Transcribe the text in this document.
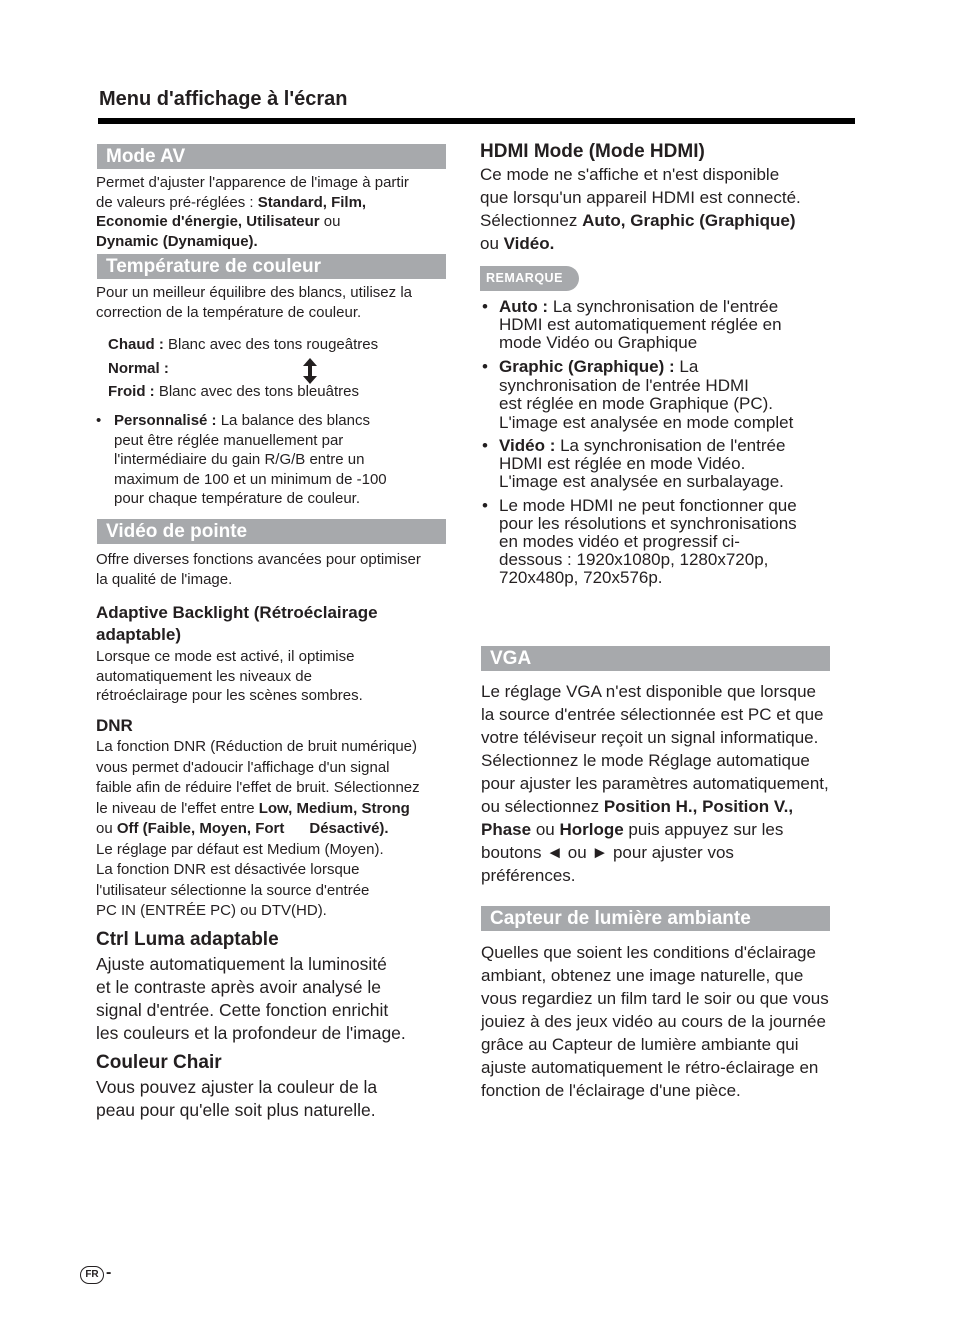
Menu d'affichage à l'écran
Mode AV
Permet d'ajuster l'apparence de l'image à partir
de valeurs pré-réglées : Standard, Film,
Economie d'énergie, Utilisateur ou
Dynamic (Dynamique).
Température de couleur
Pour un meilleur équilibre des blancs, utilisez la
correction de la température de couleur.
Chaud : Blanc avec des tons rougeâtres
Normal :
Froid : Blanc avec des tons bleuâtres
• Personnalisé : La balance des blancs
peut être réglée manuellement par
l'intermédiaire du gain R/G/B entre un
maximum de 100 et un minimum de -100
pour chaque température de couleur.
Vidéo de pointe
Offre diverses fonctions avancées pour optimiser
la qualité de l'image.
Adaptive Backlight (Rétroéclairage
adaptable)
Lorsque ce mode est activé, il optimise
automatiquement les niveaux de
rétroéclairage pour les scènes sombres.
DNR
La fonction DNR (Réduction de bruit numérique)
vous permet d'adoucir l'affichage d'un signal
faible afin de réduire l'effet de bruit. Sélectionnez
le niveau de l'effet entre Low, Medium, Strong
ou Off (Faible, Moyen, Fort      Désactivé).
Le réglage par défaut est Medium (Moyen).
La fonction DNR est désactivée lorsque
l'utilisateur sélectionne la source d'entrée
PC IN (ENTRÉE PC) ou DTV(HD).
Ctrl Luma adaptable
Ajuste automatiquement la luminosité
et le contraste après avoir analysé le
signal d'entrée. Cette fonction enrichit
les couleurs et la profondeur de l'image.
Couleur Chair
Vous pouvez ajuster la couleur de la
peau pour qu'elle soit plus naturelle.
HDMI Mode (Mode HDMI)
Ce mode ne s'affiche et n'est disponible
que lorsqu'un appareil HDMI est connecté.
Sélectionnez Auto, Graphic (Graphique)
ou Vidéo.
REMARQUE
• Auto : La synchronisation de l'entrée
HDMI est automatiquement réglée en
mode Vidéo ou Graphique
• Graphic (Graphique) : La
synchronisation de l'entrée HDMI
est réglée en mode Graphique (PC).
L'image est analysée en mode complet
• Vidéo : La synchronisation de l'entrée
HDMI est réglée en mode Vidéo.
L'image est analysée en surbalayage.
• Le mode HDMI ne peut fonctionner que
pour les résolutions et synchronisations
en modes vidéo et progressif ci-
dessous : 1920x1080p, 1280x720p,
720x480p, 720x576p.
VGA
Le réglage VGA n'est disponible que lorsque
la source d'entrée sélectionnée est PC et que
votre téléviseur reçoit un signal informatique.
Sélectionnez le mode Réglage automatique
pour ajuster les paramètres automatiquement,
ou sélectionnez Position H., Position V.,
Phase ou Horloge puis appuyez sur les
boutons ◄ ou ► pour ajuster vos
préférences.
Capteur de lumière ambiante
Quelles que soient les conditions d'éclairage
ambiant, obtenez une image naturelle, que
vous regardiez un film tard le soir ou que vous
jouiez à des jeux vidéo au cours de la journée
grâce au Capteur de lumière ambiante qui
ajuste automatiquement le rétro-éclairage en
fonction de l'éclairage d'une pièce.
FR -
